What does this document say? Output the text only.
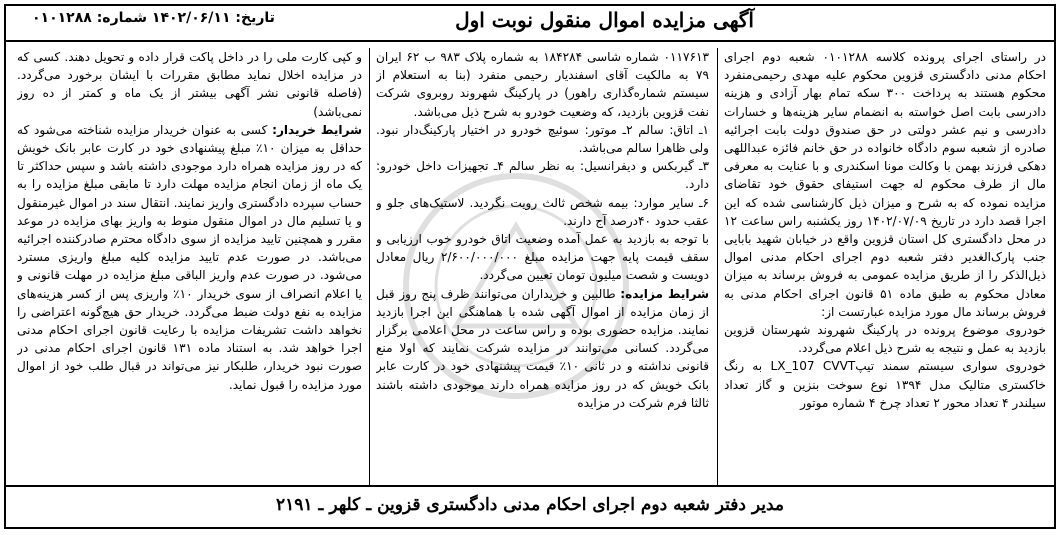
آگهی مزایده اموال منقول نوبت اول
تاریخ: ۱۴۰۲/۰۶/۱۱ شماره: ۰۱۰۱۲۸۸

در راستای اجرای پرونده کلاسه ۰۱۰۱۲۸۸ شعبه دوم اجرای احکام مدنی دادگستری قزوین محکوم علیه مهدی رحیمی‌منفرد محکوم هستند به پرداخت ۳۰۰ سکه تمام بهار آزادی و هزینه دادرسی بابت اصل خواسته به انضمام سایر هزینه‌ها و خسارات دادرسی و نیم عشر دولتی در حق صندوق دولت بابت اجرائیه صادره از شعبه سوم دادگاه خانواده در حق خانم فائزه عبداللهی دهکی فرزند بهمن با وکالت مونا اسکندری و با عنایت به معرفی مال از طرف محکوم له جهت استیفای حقوق خود تقاضای مزایده نموده که به شرح و میزان ذیل کارشناسی شده که این اجرا قصد دارد در تاریخ ۱۴۰۲/۰۷/۰۹ روز یکشنبه راس ساعت ۱۲ در محل دادگستری کل استان قزوین واقع در خیابان شهید بابایی جنب پارک‌الغدیر دفتر شعبه دوم اجرای احکام مدنی اموال ذیل‌الذکر را از طریق مزایده عمومی به فروش برساند به میزان معادل محکوم به طبق ماده ۵۱ قانون اجرای احکام مدنی به فروش برساند مال مورد مزایده عبارتست از:

خودروی موضوع پرونده در پارکینگ شهروند شهرستان قزوین بازدید به عمل و نتیجه به شرح ذیل اعلام می‌گردد.

خودروی سواری سیستم سمند تیپLX_107 CVVT به رنگ خاکستری متالیک مدل ۱۳۹۴ نوع سوخت بنزین و گاز تعداد سیلندر ۴ تعداد محور ۲ تعداد چرخ ۴ شماره موتور

۰۱۱۷۶۱۳ شماره شاسی ۱۸۴۲۸۴ به شماره پلاک ۹۸۳ ب ۶۲ ایران ۷۹ به مالکیت آقای اسفندیار رحیمی منفرد (بنا به استعلام از سیستم شماره‌گذاری راهور) در پارکینگ شهروند روبروی شرکت نفت قزوین بازدید، که وضعیت خودرو به شرح ذیل می‌باشد.

۱ـ اتاق: سالم ۲ـ موتور: سوئیچ خودرو در اختیار پارکینگ‌دار نبود. ولی ظاهرا سالم می‌باشد.

۳ـ گیربکس و دیفرانسیل: به نظر سالم ۴ـ تجهیزات داخل خودرو: دارد.

۶ـ سایر موارد: بیمه شخص ثالث رویت نگردید. لاستیک‌های جلو و عقب حدود ۴۰درصد آج دارند.

با توجه به بازدید به عمل آمده وضعیت اتاق خودرو خوب ارزیابی و سقف قیمت پایه جهت مزایده مبلغ ۲/۶۰۰/۰۰۰/۰۰۰ ریال معادل دویست و شصت میلیون تومان تعیین می‌گردد.

شرایط مزایده: طالبین و خریداران می‌توانند ظرف پنج روز قبل از زمان مزایده از اموال آگهی شده با هماهنگی این اجرا بازدید نمایند. مزایده حضوری بوده و راس ساعت در محل اعلامی برگزار می‌گردد. کسانی می‌توانند در مزایده شرکت نمایند که اولا منع قانونی نداشته و در ثانی ۱۰٪ قیمت پیشنهادی خود در کارت عابر بانک خویش که در روز مزایده همراه دارند موجودی داشته باشند ثالثا فرم شرکت در مزایده

و کپی کارت ملی را در داخل پاکت قرار داده و تحویل دهند. کسی که در مزایده اخلال نماید مطابق مقررات با ایشان برخورد می‌گردد. (فاصله قانونی نشر آگهی بیشتر از یک ماه و کمتر از ده روز نمی‌باشد)

شرایط خریدار: کسی به عنوان خریدار مزایده شناخته می‌شود که حداقل به میزان ۱۰٪ مبلغ پیشنهادی خود در کارت عابر بانک خویش که در روز مزایده همراه دارد موجودی داشته باشد و سپس حداکثر تا یک ماه از زمان انجام مزایده مهلت دارد تا مابقی مبلغ مزایده را به حساب سپرده دادگستری واریز نمایند. انتقال سند در اموال غیرمنقول و یا تسلیم مال در اموال منقول منوط به واریز بهای مزایده در موعد مقرر و همچنین تایید مزایده از سوی دادگاه محترم صادرکننده اجرائیه می‌باشد. در صورت عدم تایید مزایده کلیه مبلغ واریزی مسترد می‌شود. در صورت عدم واریز الباقی مبلغ مزایده در مهلت قانونی و یا اعلام انصراف از سوی خریدار ۱۰٪ واریزی پس از کسر هزینه‌های مزایده به نفع دولت ضبط می‌گردد. خریدار حق هیچ‌گونه اعتراضی را نخواهد داشت تشریفات مزایده با رعایت قانون اجرای احکام مدنی اجرا خواهد شد. به استناد ماده ۱۳۱ قانون اجرای احکام مدنی در صورت نبود خریدار، طلبکار نیز می‌تواند در قبال طلب خود از اموال مورد مزایده را قبول نماید.

مدیر دفتر شعبه دوم اجرای احکام مدنی دادگستری قزوین ـ کلهر ـ ۲۱۹۱
